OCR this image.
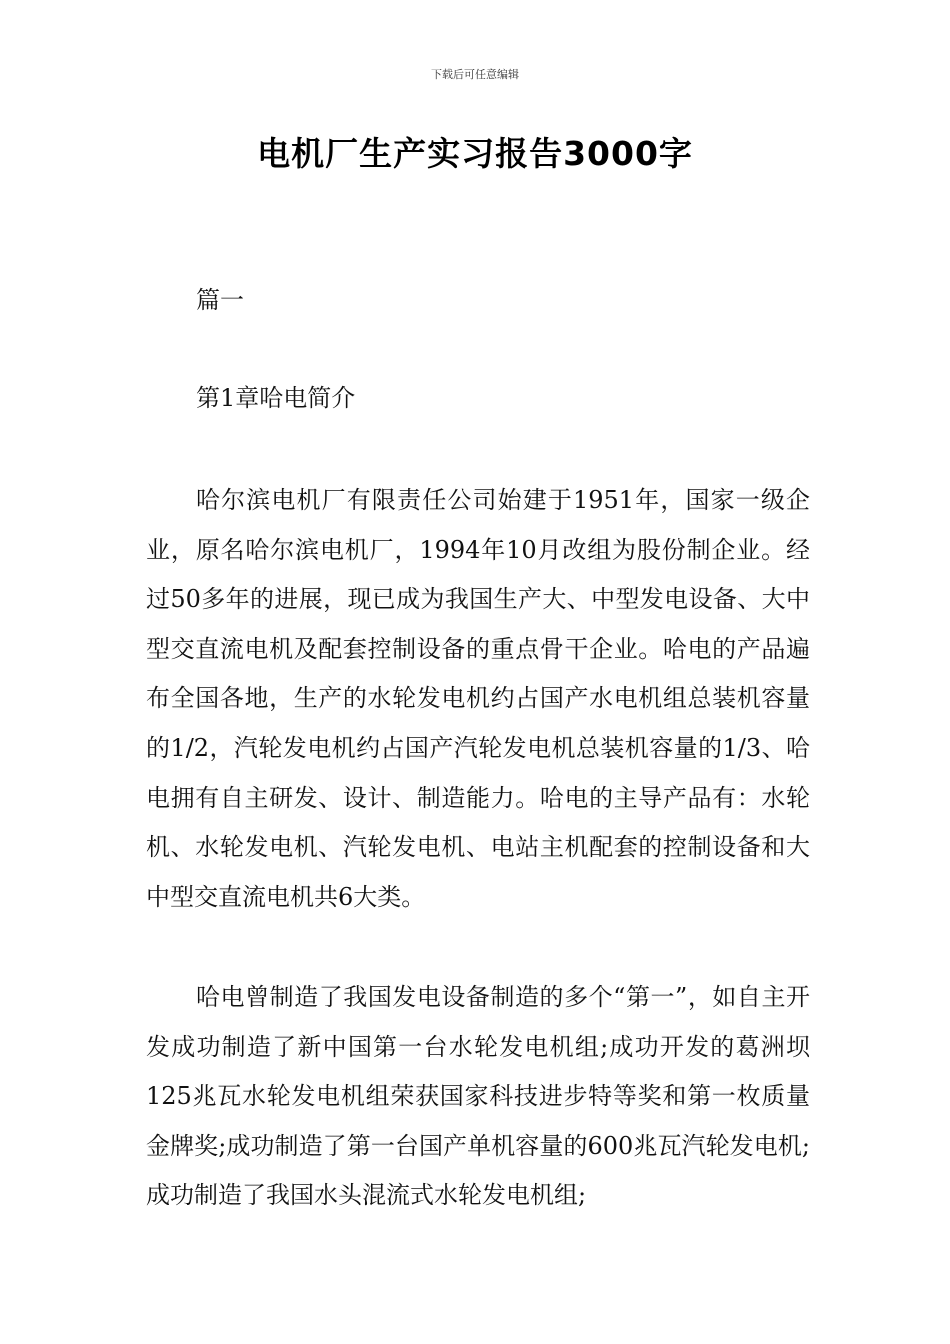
下载后可任意编辑
电机厂生产实习报告3000字
篇一
第1章哈电简介

哈尔滨电机厂有限责任公司始建于1951年，国家一级企业，原名哈尔滨电机厂，1994年10月改组为股份制企业。经过50多年的进展，现已成为我国生产大、中型发电设备、大中型交直流电机及配套控制设备的重点骨干企业。哈电的产品遍布全国各地，生产的水轮发电机约占国产水电机组总装机容量的1/2，汽轮发电机约占国产汽轮发电机总装机容量的1/3、哈电拥有自主研发、设计、制造能力。哈电的主导产品有：水轮机、水轮发电机、汽轮发电机、电站主机配套的控制设备和大中型交直流电机共6大类。

哈电曾制造了我国发电设备制造的多个“第一”，如自主开发成功制造了新中国第一台水轮发电机组;成功开发的葛洲坝125兆瓦水轮发电机组荣获国家科技进步特等奖和第一枚质量金牌奖;成功制造了第一台国产单机容量的600兆瓦汽轮发电机;成功制造了我国水头混流式水轮发电机组;
